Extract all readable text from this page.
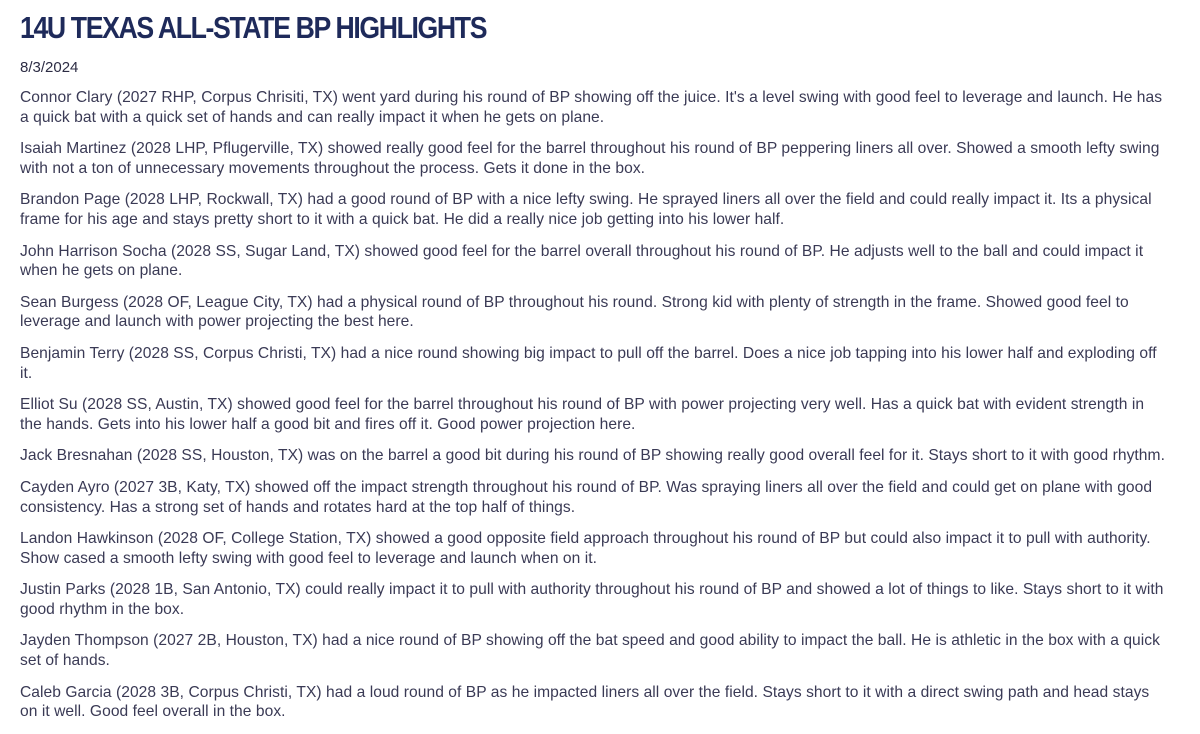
14U TEXAS ALL-STATE BP HIGHLIGHTS
8/3/2024

Connor Clary (2027 RHP, Corpus Chrisiti, TX) went yard during his round of BP showing off the juice. It's a level swing with good feel to leverage and launch. He has a quick bat with a quick set of hands and can really impact it when he gets on plane.

Isaiah Martinez (2028 LHP, Pflugerville, TX) showed really good feel for the barrel throughout his round of BP peppering liners all over. Showed a smooth lefty swing with not a ton of unnecessary movements throughout the process. Gets it done in the box.

Brandon Page (2028 LHP, Rockwall, TX) had a good round of BP with a nice lefty swing. He sprayed liners all over the field and could really impact it. Its a physical frame for his age and stays pretty short to it with a quick bat. He did a really nice job getting into his lower half.

John Harrison Socha (2028 SS, Sugar Land, TX) showed good feel for the barrel overall throughout his round of BP. He adjusts well to the ball and could impact it when he gets on plane.

Sean Burgess (2028 OF, League City, TX) had a physical round of BP throughout his round. Strong kid with plenty of strength in the frame. Showed good feel to leverage and launch with power projecting the best here.

Benjamin Terry (2028 SS, Corpus Christi, TX) had a nice round showing big impact to pull off the barrel. Does a nice job tapping into his lower half and exploding off it.

Elliot Su (2028 SS, Austin, TX) showed good feel for the barrel throughout his round of BP with power projecting very well. Has a quick bat with evident strength in the hands. Gets into his lower half a good bit and fires off it. Good power projection here.

Jack Bresnahan (2028 SS, Houston, TX) was on the barrel a good bit during his round of BP showing really good overall feel for it. Stays short to it with good rhythm.

Cayden Ayro (2027 3B, Katy, TX) showed off the impact strength throughout his round of BP. Was spraying liners all over the field and could get on plane with good consistency. Has a strong set of hands and rotates hard at the top half of things.

Landon Hawkinson (2028 OF, College Station, TX) showed a good opposite field approach throughout his round of BP but could also impact it to pull with authority. Show cased a smooth lefty swing with good feel to leverage and launch when on it.

Justin Parks (2028 1B, San Antonio, TX) could really impact it to pull with authority throughout his round of BP and showed a lot of things to like. Stays short to it with good rhythm in the box.

Jayden Thompson (2027 2B, Houston, TX) had a nice round of BP showing off the bat speed and good ability to impact the ball. He is athletic in the box with a quick set of hands.

Caleb Garcia (2028 3B, Corpus Christi, TX) had a loud round of BP as he impacted liners all over the field. Stays short to it with a direct swing path and head stays on it well. Good feel overall in the box.
